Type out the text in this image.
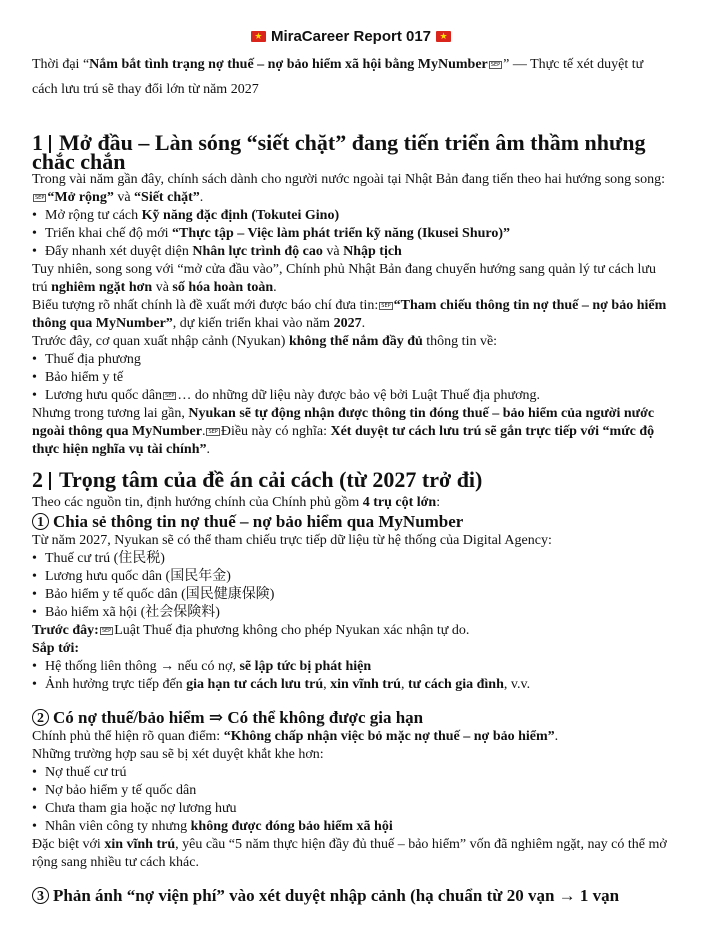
★MiraCareer Report 017★
Thời đại “Nắm bắt tình trạng nợ thuế – nợ bảo hiểm xã hội bằng MyNumber SEP ” — Thực tế xét duyệt tư cách lưu trú sẽ thay đổi lớn từ năm 2027
1 Mở đầu – Làn sóng “siết chặt” đang tiến triển âm thầm nhưng chắc chắn

Trong vài năm gần đây, chính sách dành cho người nước ngoài tại Nhật Bản đang tiến theo hai hướng song song:SEP “Mở rộng” và “Siết chặt”.

• Mở rộng tư cách Kỹ năng đặc định (Tokutei Gino)
• Triển khai chế độ mới “Thực tập – Việc làm phát triển kỹ năng (Ikusei Shuro)”
• Đẩy nhanh xét duyệt diện Nhân lực trình độ cao và Nhập tịch

Tuy nhiên, song song với “mở cửa đầu vào”, Chính phủ Nhật Bản đang chuyển hướng sang quản lý tư cách lưu trú nghiêm ngặt hơn và số hóa hoàn toàn.

Biểu tượng rõ nhất chính là đề xuất mới được báo chí đưa tin: SEP “Tham chiếu thông tin nợ thuế – nợ bảo hiểm thông qua MyNumber”, dự kiến triển khai vào năm 2027.

Trước đây, cơ quan xuất nhập cảnh (Nyukan) không thể nắm đầy đủ thông tin về:

• Thuế địa phương
• Bảo hiểm y tế
• Lương hưu quốc dân SEP … do những dữ liệu này được bảo vệ bởi Luật Thuế địa phương.

Nhưng trong tương lai gần, Nyukan sẽ tự động nhận được thông tin đóng thuế – bảo hiểm của người nước ngoài thông qua MyNumber. SEP Điều này có nghĩa: Xét duyệt tư cách lưu trú sẽ gắn trực tiếp với “mức độ thực hiện nghĩa vụ tài chính”.

2 Trọng tâm của đề án cải cách (từ 2027 trở đi)

Theo các nguồn tin, định hướng chính của Chính phủ gồm 4 trụ cột lớn:

1 Chia sẻ thông tin nợ thuế – nợ bảo hiểm qua MyNumber

Từ năm 2027, Nyukan sẽ có thể tham chiếu trực tiếp dữ liệu từ hệ thống của Digital Agency:

• Thuế cư trú (住民税)
• Lương hưu quốc dân (国民年金)
• Bảo hiểm y tế quốc dân (国民健康保険)
• Bảo hiểm xã hội (社会保険料)

Trước đây: SEP Luật Thuế địa phương không cho phép Nyukan xác nhận tự do.

Sắp tới:

• Hệ thống liên thông → nếu có nợ, sẽ lập tức bị phát hiện
• Ảnh hưởng trực tiếp đến gia hạn tư cách lưu trú, xin vĩnh trú, tư cách gia đình, v.v.
2 Có nợ thuế/bảo hiểm ⇒ Có thể không được gia hạn

Chính phủ thể hiện rõ quan điểm: “Không chấp nhận việc bỏ mặc nợ thuế – nợ bảo hiểm”.

Những trường hợp sau sẽ bị xét duyệt khắt khe hơn:

• Nợ thuế cư trú
• Nợ bảo hiểm y tế quốc dân
• Chưa tham gia hoặc nợ lương hưu
• Nhân viên công ty nhưng không được đóng bảo hiểm xã hội

Đặc biệt với xin vĩnh trú, yêu cầu “5 năm thực hiện đầy đủ thuế – bảo hiểm” vốn đã nghiêm ngặt, nay có thể mở rộng sang nhiều tư cách khác.

3 Phản ánh “nợ viện phí” vào xét duyệt nhập cảnh (hạ chuẩn từ 20 vạn → 1 vạn
